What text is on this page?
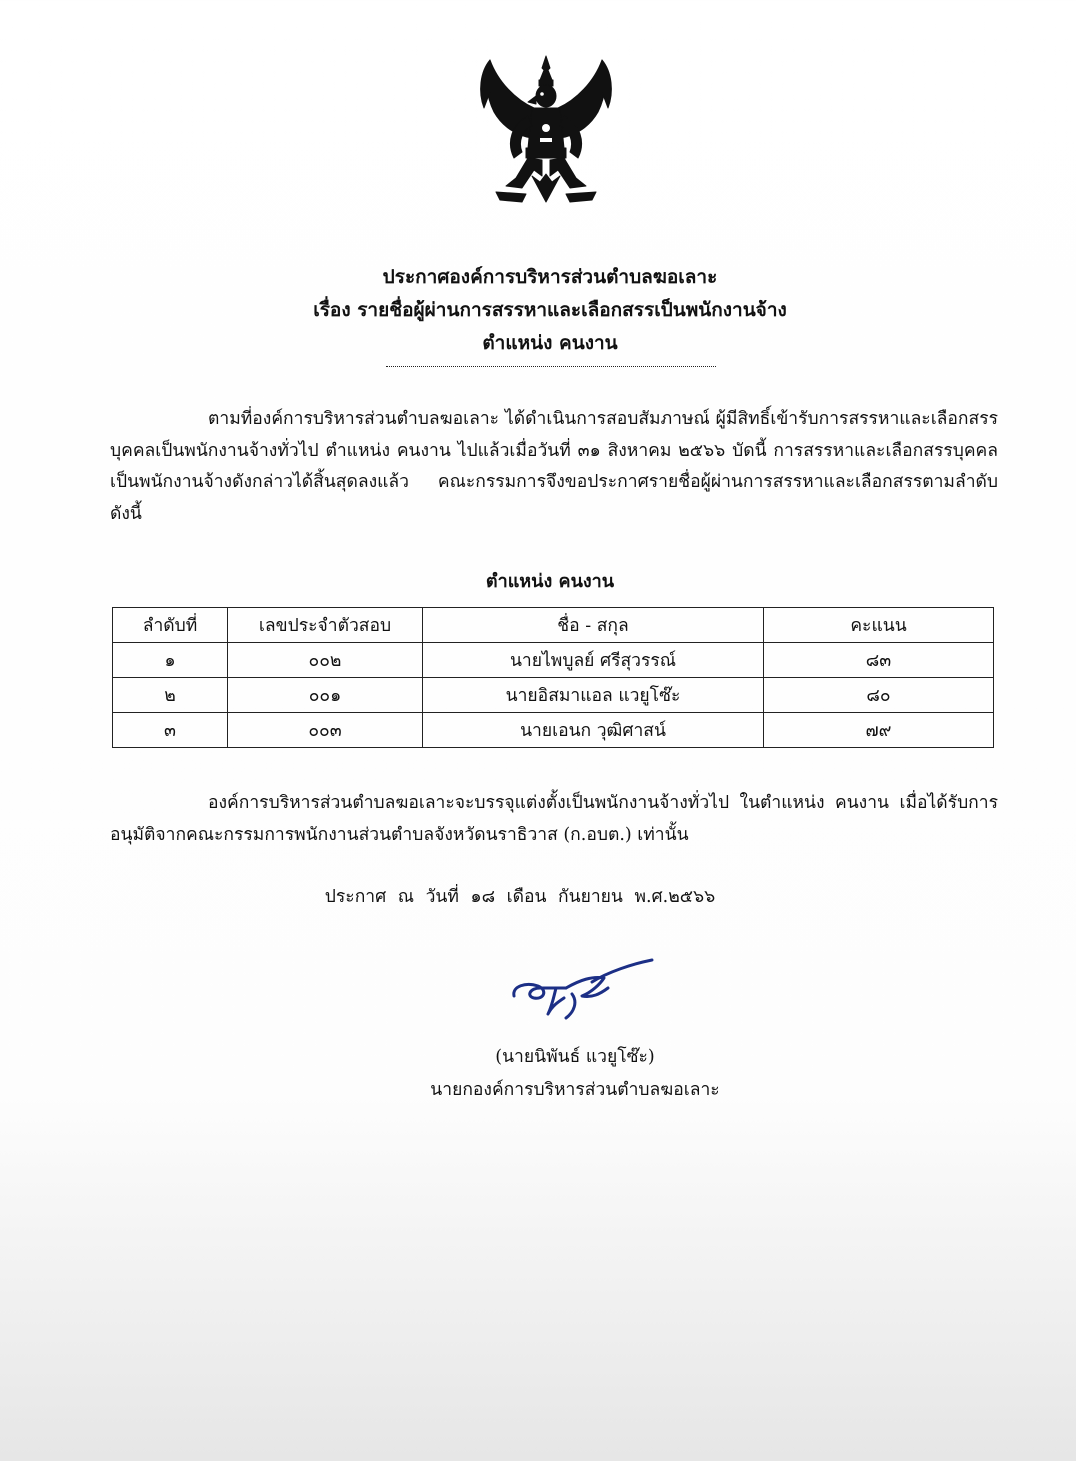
ประกาศองค์การบริหารส่วนตำบลฆอเลาะ
เรื่อง รายชื่อผู้ผ่านการสรรหาและเลือกสรรเป็นพนักงานจ้าง
ตำแหน่ง คนงาน

ตามที่องค์การบริหารส่วนตำบลฆอเลาะ ได้ดำเนินการสอบสัมภาษณ์ ผู้มีสิทธิ์เข้ารับการสรรหาและเลือกสรรบุคคลเป็นพนักงานจ้างทั่วไป ตำแหน่ง คนงาน ไปแล้วเมื่อวันที่ ๓๑ สิงหาคม ๒๕๖๖ บัดนี้ การสรรหาและเลือกสรรบุคคลเป็นพนักงานจ้างดังกล่าวได้สิ้นสุดลงแล้ว คณะกรรมการจึงขอประกาศรายชื่อผู้ผ่านการสรรหาและเลือกสรรตามลำดับ ดังนี้

ตำแหน่ง คนงาน
ลำดับที่	เลขประจำตัวสอบ	ชื่อ - สกุล	คะแนน
๑	๐๐๒	นายไพบูลย์ ศรีสุวรรณ์	๘๓
๒	๐๐๑	นายอิสมาแอล แวยูโซ๊ะ	๘๐
๓	๐๐๓	นายเอนก วุฒิศาสน์	๗๙

องค์การบริหารส่วนตำบลฆอเลาะจะบรรจุแต่งตั้งเป็นพนักงานจ้างทั่วไป ในตำแหน่ง คนงาน เมื่อได้รับการอนุมัติจากคณะกรรมการพนักงานส่วนตำบลจังหวัดนราธิวาส (ก.อบต.) เท่านั้น

ประกาศ ณ วันที่ ๑๘ เดือน กันยายน พ.ศ.๒๕๖๖
(นายนิพันธ์ แวยูโซ๊ะ)
นายกองค์การบริหารส่วนตำบลฆอเลาะ
